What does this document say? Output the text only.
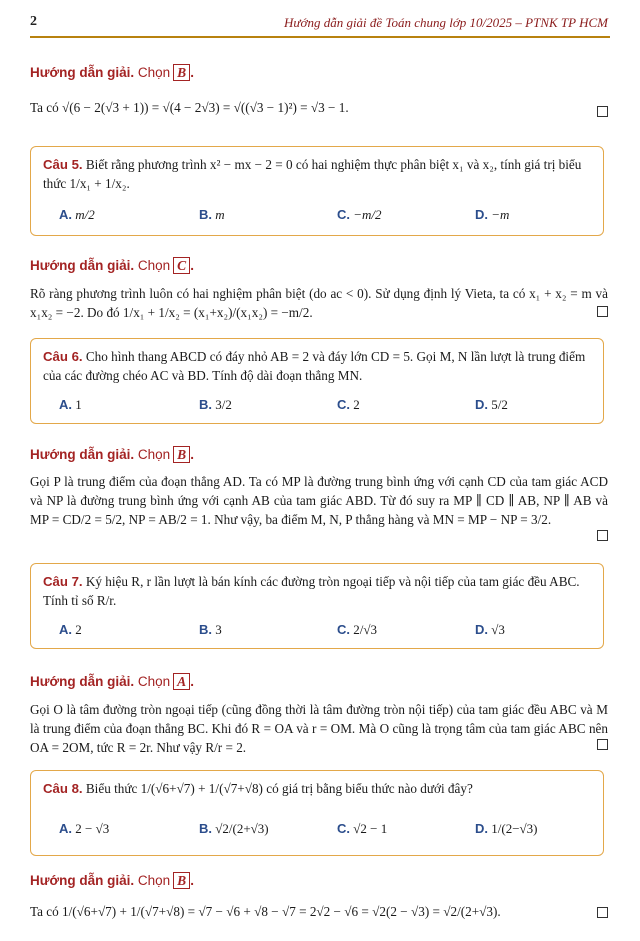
2	Hướng dẫn giải đề Toán chung lớp 10/2025 – PTNK TP HCM
Hướng dẫn giải. Chọn B .
Ta có √(6 − 2(√3 + 1)) = √(4 − 2√3) = √((√3 − 1)²) = √3 − 1.
Câu 5. Biết rằng phương trình x² − mx − 2 = 0 có hai nghiệm thực phân biệt x₁ và x₂, tính giá trị biểu thức 1/x₁ + 1/x₂.
A. m/2	B. m	C. −m/2	D. −m
Hướng dẫn giải. Chọn C .
Rõ ràng phương trình luôn có hai nghiệm phân biệt (do ac < 0). Sử dụng định lý Vieta, ta có x₁ + x₂ = m và x₁x₂ = −2. Do đó 1/x₁ + 1/x₂ = (x₁+x₂)/(x₁x₂) = −m/2.
Câu 6. Cho hình thang ABCD có đáy nhỏ AB = 2 và đáy lớn CD = 5. Gọi M, N lần lượt là trung điểm của các đường chéo AC và BD. Tính độ dài đoạn thẳng MN.
A. 1	B. 3/2	C. 2	D. 5/2
Hướng dẫn giải. Chọn B .
Gọi P là trung điểm của đoạn thẳng AD. Ta có MP là đường trung bình ứng với cạnh CD của tam giác ACD và NP là đường trung bình ứng với cạnh AB của tam giác ABD. Từ đó suy ra MP ∥ CD ∥ AB, NP ∥ AB và MP = CD/2 = 5/2, NP = AB/2 = 1. Như vậy, ba điểm M, N, P thẳng hàng và MN = MP − NP = 3/2.
Câu 7. Ký hiệu R, r lần lượt là bán kính các đường tròn ngoại tiếp và nội tiếp của tam giác đều ABC. Tính tỉ số R/r.
A. 2	B. 3	C. 2/√3	D. √3
Hướng dẫn giải. Chọn A .
Gọi O là tâm đường tròn ngoại tiếp (cũng đồng thời là tâm đường tròn nội tiếp) của tam giác đều ABC và M là trung điểm của đoạn thẳng BC. Khi đó R = OA và r = OM. Mà O cũng là trọng tâm của tam giác ABC nên OA = 2OM, tức R = 2r. Như vậy R/r = 2.
Câu 8. Biểu thức 1/(√6+√7) + 1/(√7+√8) có giá trị bằng biểu thức nào dưới đây?
A. 2 − √3	B. √2/(2+√3)	C. √2 − 1	D. 1/(2−√3)
Hướng dẫn giải. Chọn B .
Ta có 1/(√6+√7) + 1/(√7+√8) = √7 − √6 + √8 − √7 = 2√2 − √6 = √2(2 − √3) = √2/(2+√3).
